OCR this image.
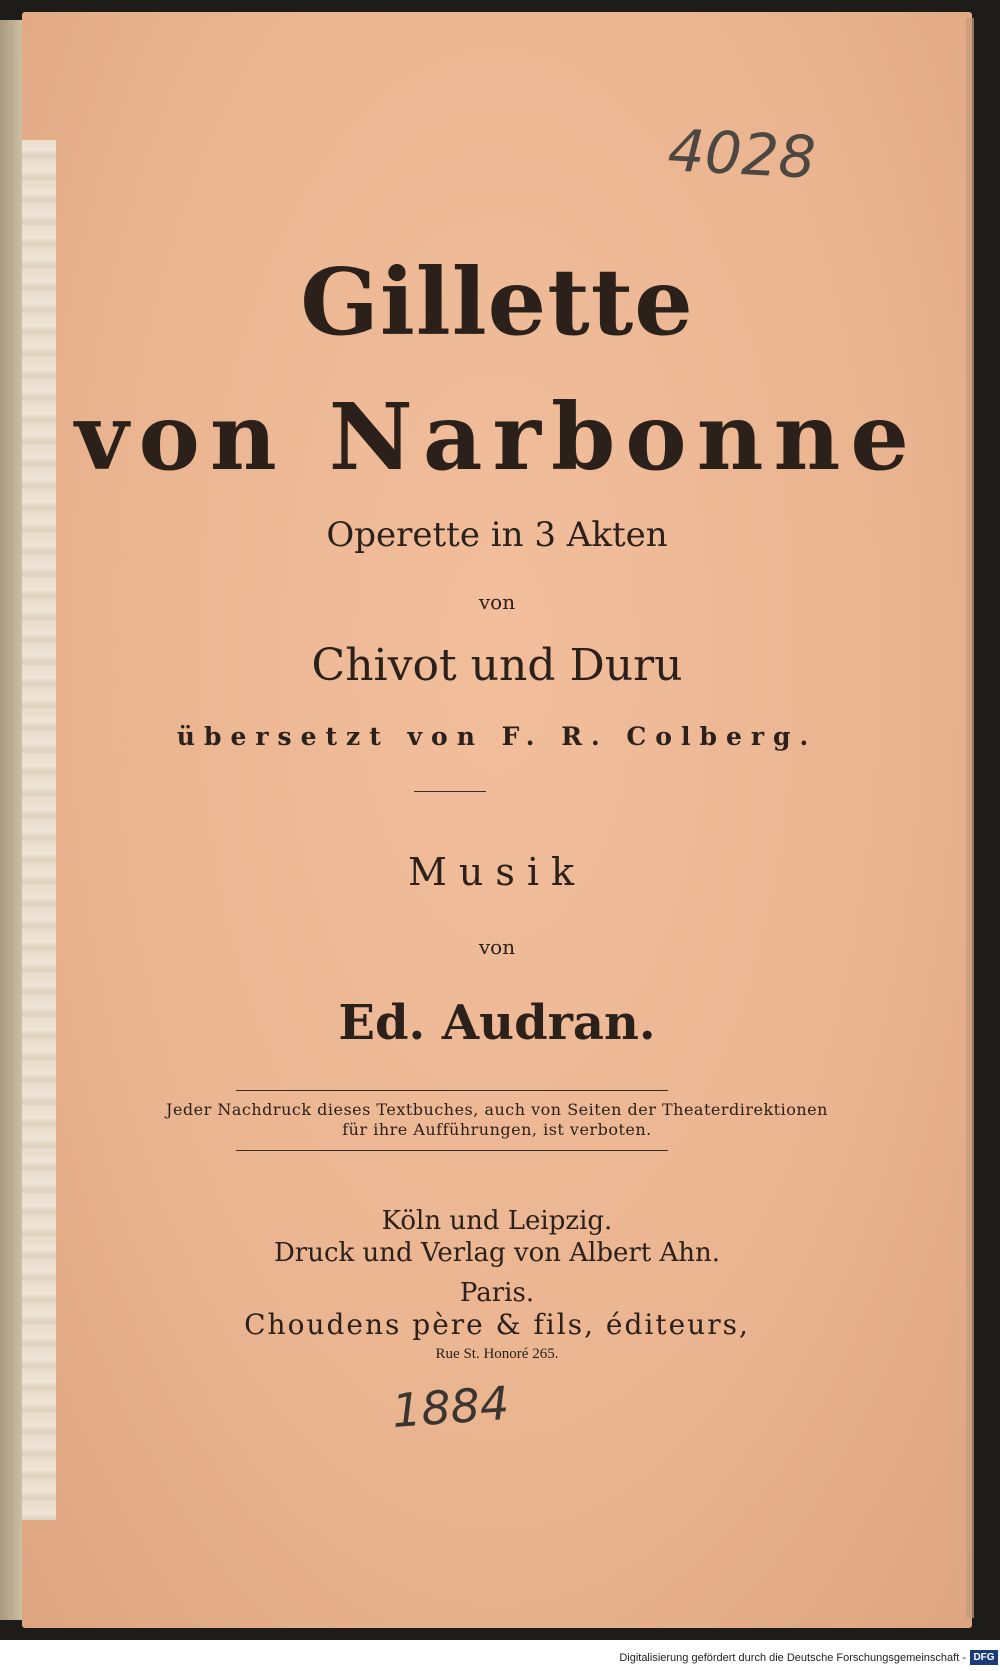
4028
Gillette
von Narbonne

Operette in 3 Akten

von

Chivot und Duru

übersetzt von F. R. Colberg.

Musik

von

Ed. Audran.

Jeder Nachdruck dieses Textbuches, auch von Seiten der Theaterdirektionen
für ihre Aufführungen, ist verboten.

Köln und Leipzig.

Druck und Verlag von Albert Ahn.

Paris.

Choudens père & fils, éditeurs,

Rue St. Honoré 265.

1884
Digitalisierung gefördert durch die Deutsche Forschungsgemeinschaft - DFG
